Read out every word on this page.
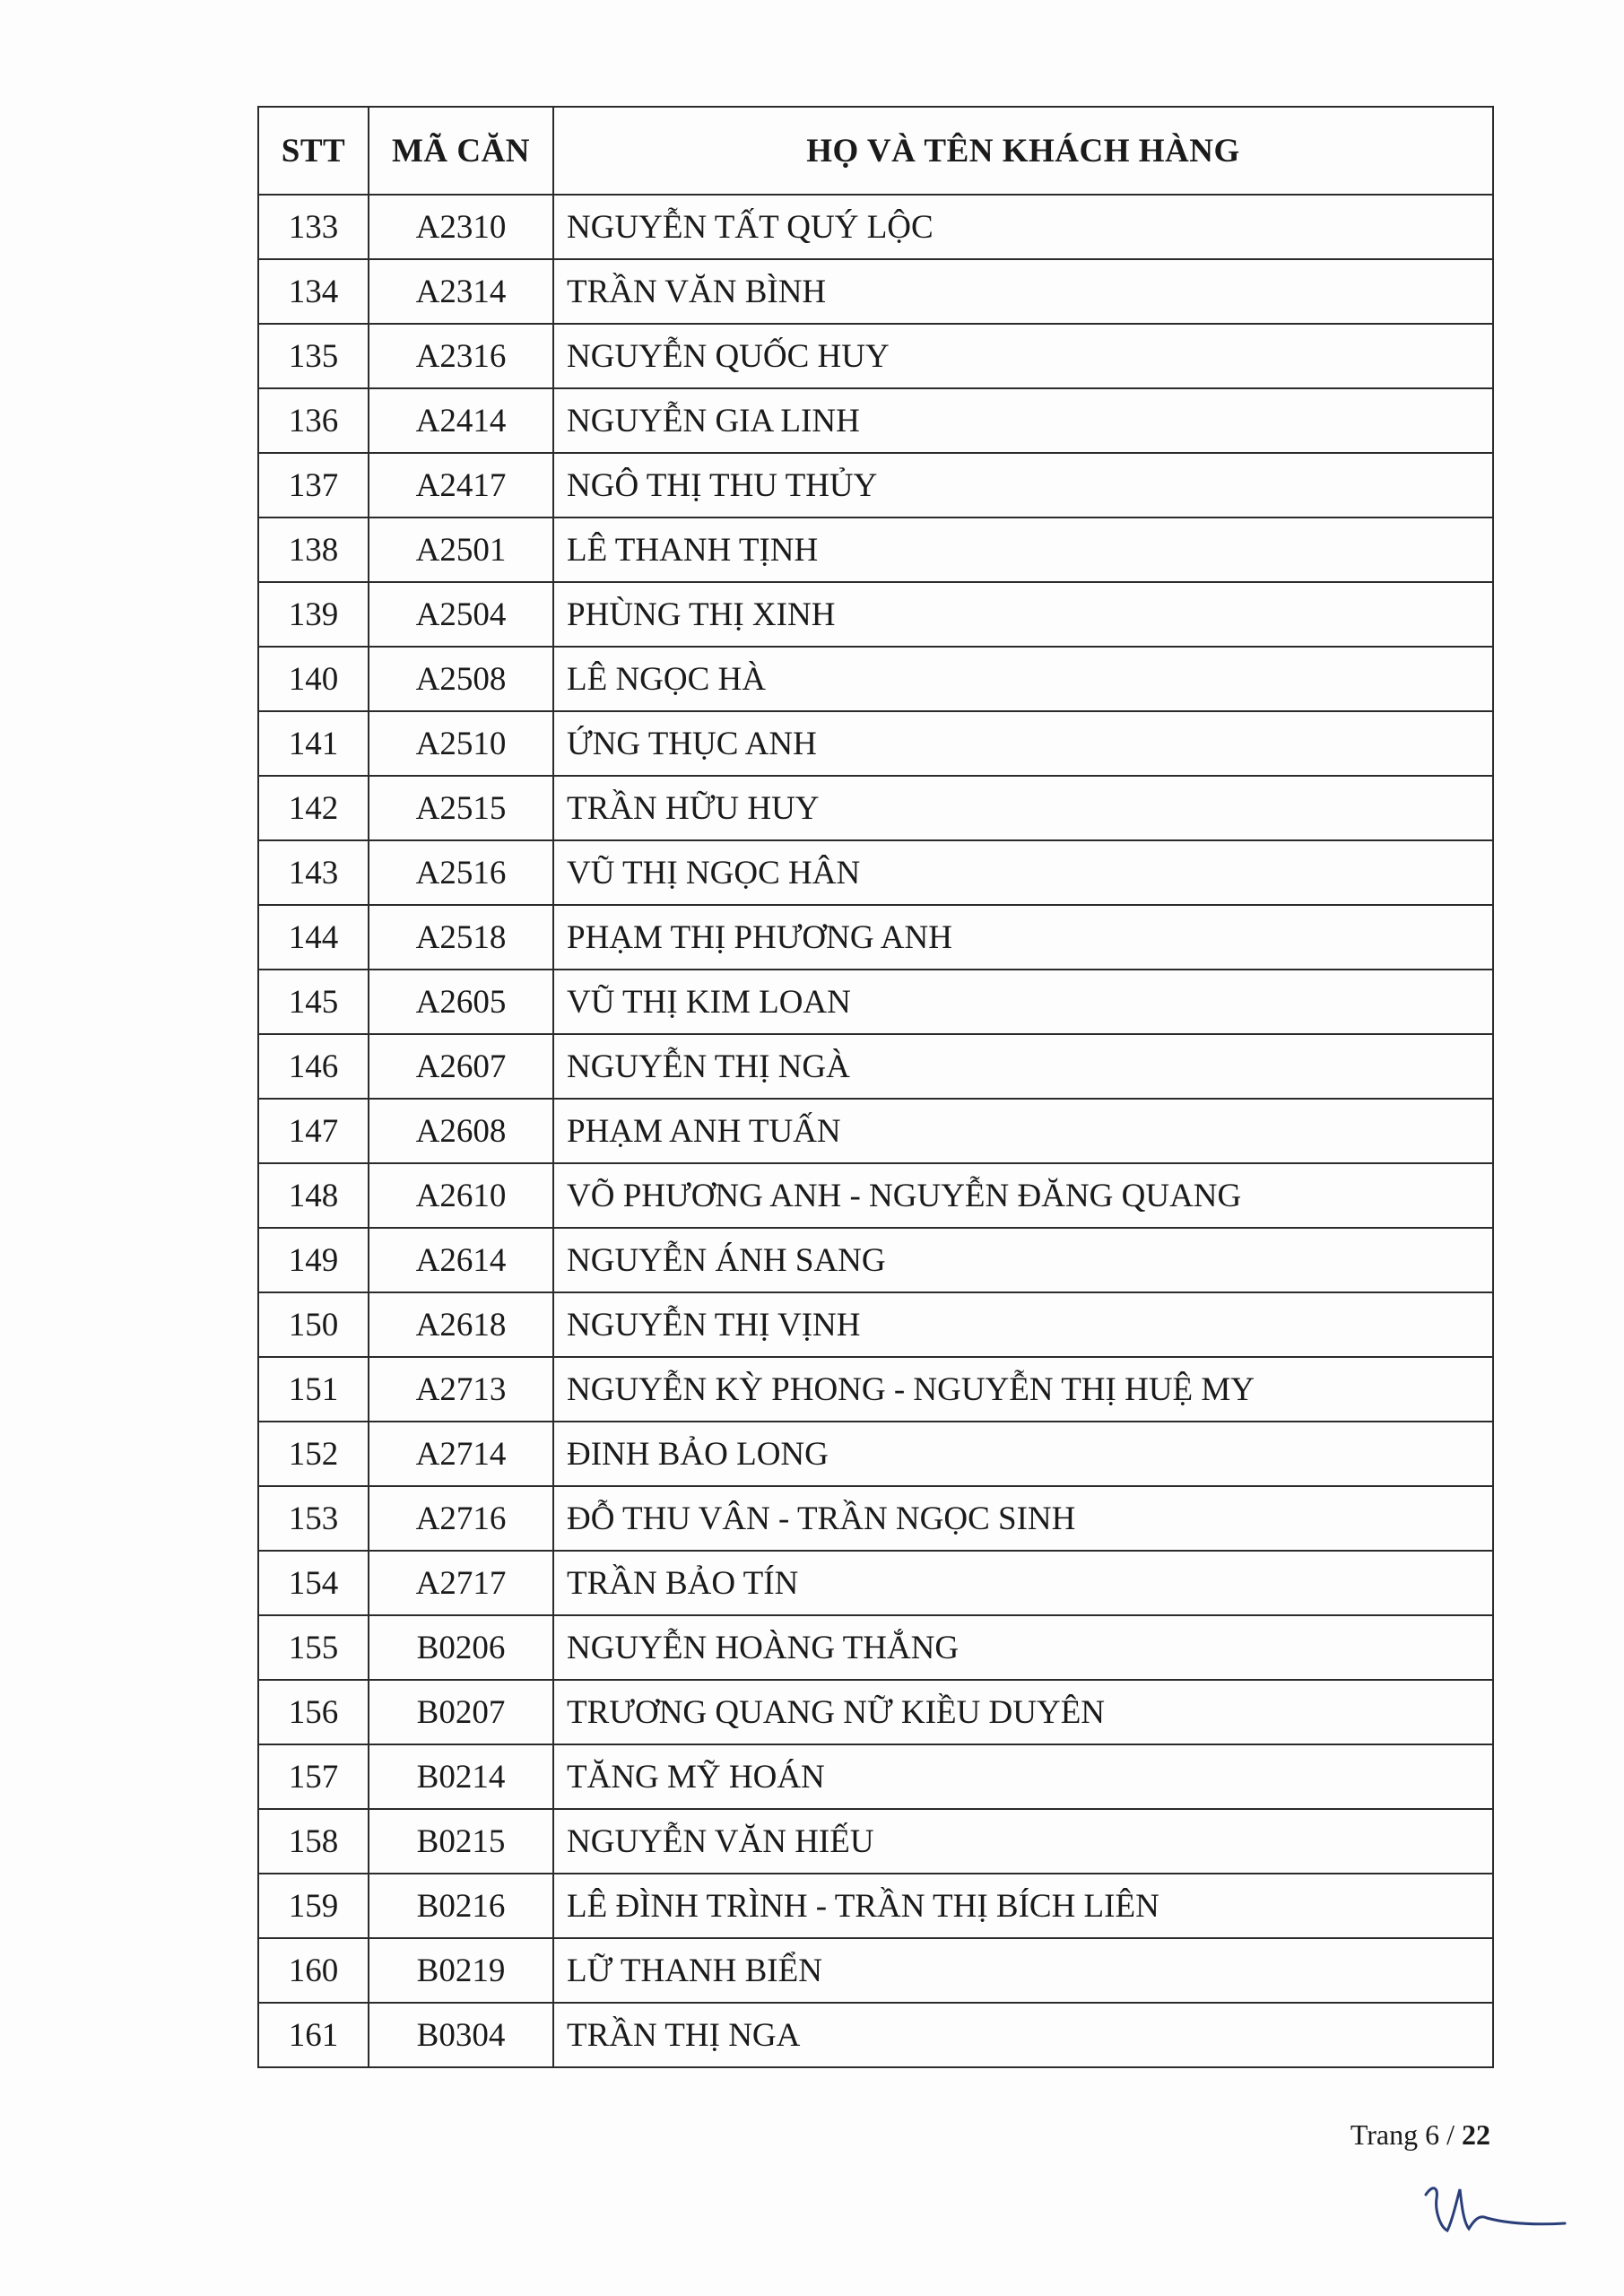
STT	MÃ CĂN	HỌ VÀ TÊN KHÁCH HÀNG
133	A2310	NGUYỄN TẤT QUÝ LỘC
134	A2314	TRẦN VĂN BÌNH
135	A2316	NGUYỄN QUỐC HUY
136	A2414	NGUYỄN GIA LINH
137	A2417	NGÔ THỊ THU THỦY
138	A2501	LÊ THANH TỊNH
139	A2504	PHÙNG THỊ XINH
140	A2508	LÊ NGỌC HÀ
141	A2510	ỨNG THỤC ANH
142	A2515	TRẦN HỮU HUY
143	A2516	VŨ THỊ NGỌC HÂN
144	A2518	PHẠM THỊ PHƯƠNG ANH
145	A2605	VŨ THỊ KIM LOAN
146	A2607	NGUYỄN THỊ NGÀ
147	A2608	PHẠM ANH TUẤN
148	A2610	VÕ PHƯƠNG ANH - NGUYỄN ĐĂNG QUANG
149	A2614	NGUYỄN ÁNH SANG
150	A2618	NGUYỄN THỊ VỊNH
151	A2713	NGUYỄN KỲ PHONG - NGUYỄN THỊ HUỆ MY
152	A2714	ĐINH BẢO LONG
153	A2716	ĐỖ THU VÂN - TRẦN NGỌC SINH
154	A2717	TRẦN BẢO TÍN
155	B0206	NGUYỄN HOÀNG THẮNG
156	B0207	TRƯƠNG QUANG NỮ KIỀU DUYÊN
157	B0214	TĂNG MỸ HOÁN
158	B0215	NGUYỄN VĂN HIẾU
159	B0216	LÊ ĐÌNH TRÌNH - TRẦN THỊ BÍCH LIÊN
160	B0219	LỮ THANH BIỂN
161	B0304	TRẦN THỊ NGA
Trang 6 / 22
